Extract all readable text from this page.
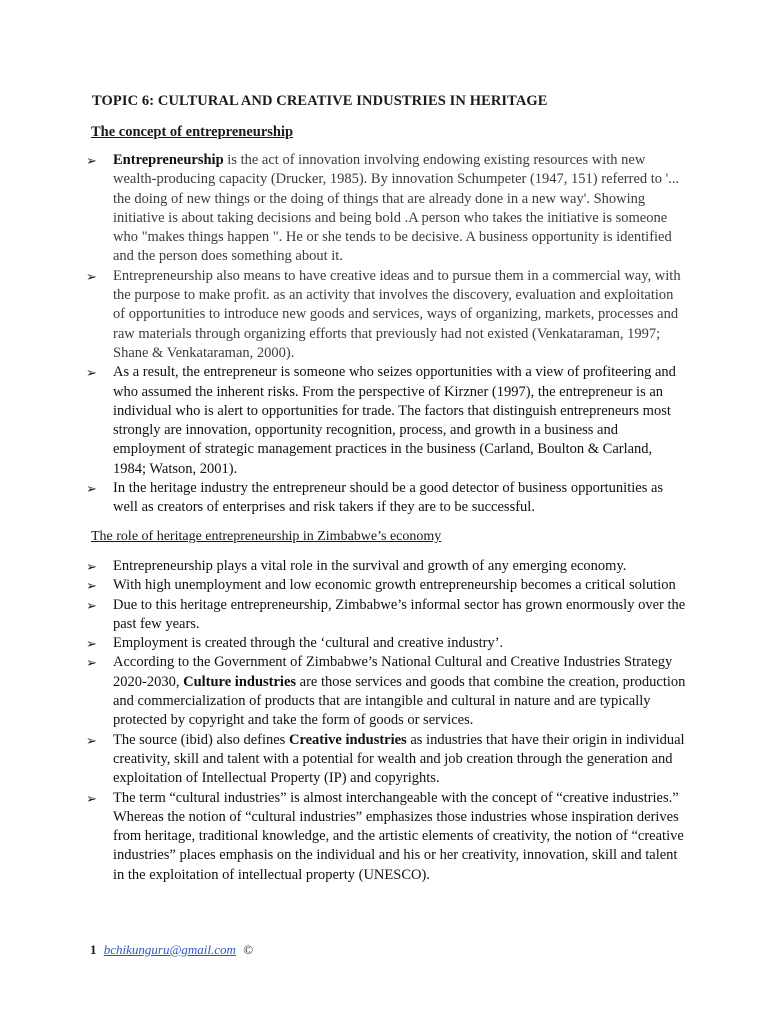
TOPIC 6: CULTURAL AND CREATIVE INDUSTRIES IN HERITAGE
The concept of entrepreneurship
➢ Entrepreneurship is the act of innovation involving endowing existing resources with new wealth-producing capacity (Drucker, 1985). By innovation Schumpeter (1947, 151) referred to '... the doing of new things or the doing of things that are already done in a new way'. Showing initiative is about taking decisions and being bold .A person who takes the initiative is someone who "makes things happen ". He or she tends to be decisive. A business opportunity is identified and the person does something about it.
➢ Entrepreneurship also means to have creative ideas and to pursue them in a commercial way, with the purpose to make profit. as an activity that involves the discovery, evaluation and exploitation of opportunities to introduce new goods and services, ways of organizing, markets, processes and raw materials through organizing efforts that previously had not existed (Venkataraman, 1997; Shane & Venkataraman, 2000).
➢ As a result, the entrepreneur is someone who seizes opportunities with a view of profiteering and who assumed the inherent risks. From the perspective of Kirzner (1997), the entrepreneur is an individual who is alert to opportunities for trade. The factors that distinguish entrepreneurs most strongly are innovation, opportunity recognition, process, and growth in a business and employment of strategic management practices in the business (Carland, Boulton & Carland, 1984; Watson, 2001).
➢ In the heritage industry the entrepreneur should be a good detector of business opportunities as well as creators of enterprises and risk takers if they are to be successful.
The role of heritage entrepreneurship in Zimbabwe’s economy
➢ Entrepreneurship plays a vital role in the survival and growth of any emerging economy.
➢ With high unemployment and low economic growth entrepreneurship becomes a critical solution
➢ Due to this heritage entrepreneurship, Zimbabwe’s informal sector has grown enormously over the past few years.
➢ Employment is created through the ‘cultural and creative industry’.
➢ According to the Government of Zimbabwe’s National Cultural and Creative Industries Strategy 2020-2030, Culture industries are those services and goods that combine the creation, production and commercialization of products that are intangible and cultural in nature and are typically protected by copyright and take the form of goods or services.
➢ The source (ibid) also defines Creative industries as industries that have their origin in individual creativity, skill and talent with a potential for wealth and job creation through the generation and exploitation of Intellectual Property (IP) and copyrights.
➢ The term “cultural industries” is almost interchangeable with the concept of “creative industries.” Whereas the notion of “cultural industries” emphasizes those industries whose inspiration derives from heritage, traditional knowledge, and the artistic elements of creativity, the notion of “creative industries” places emphasis on the individual and his or her creativity, innovation, skill and talent in the exploitation of intellectual property (UNESCO).
1 bchikunguru@gmail.com ©
